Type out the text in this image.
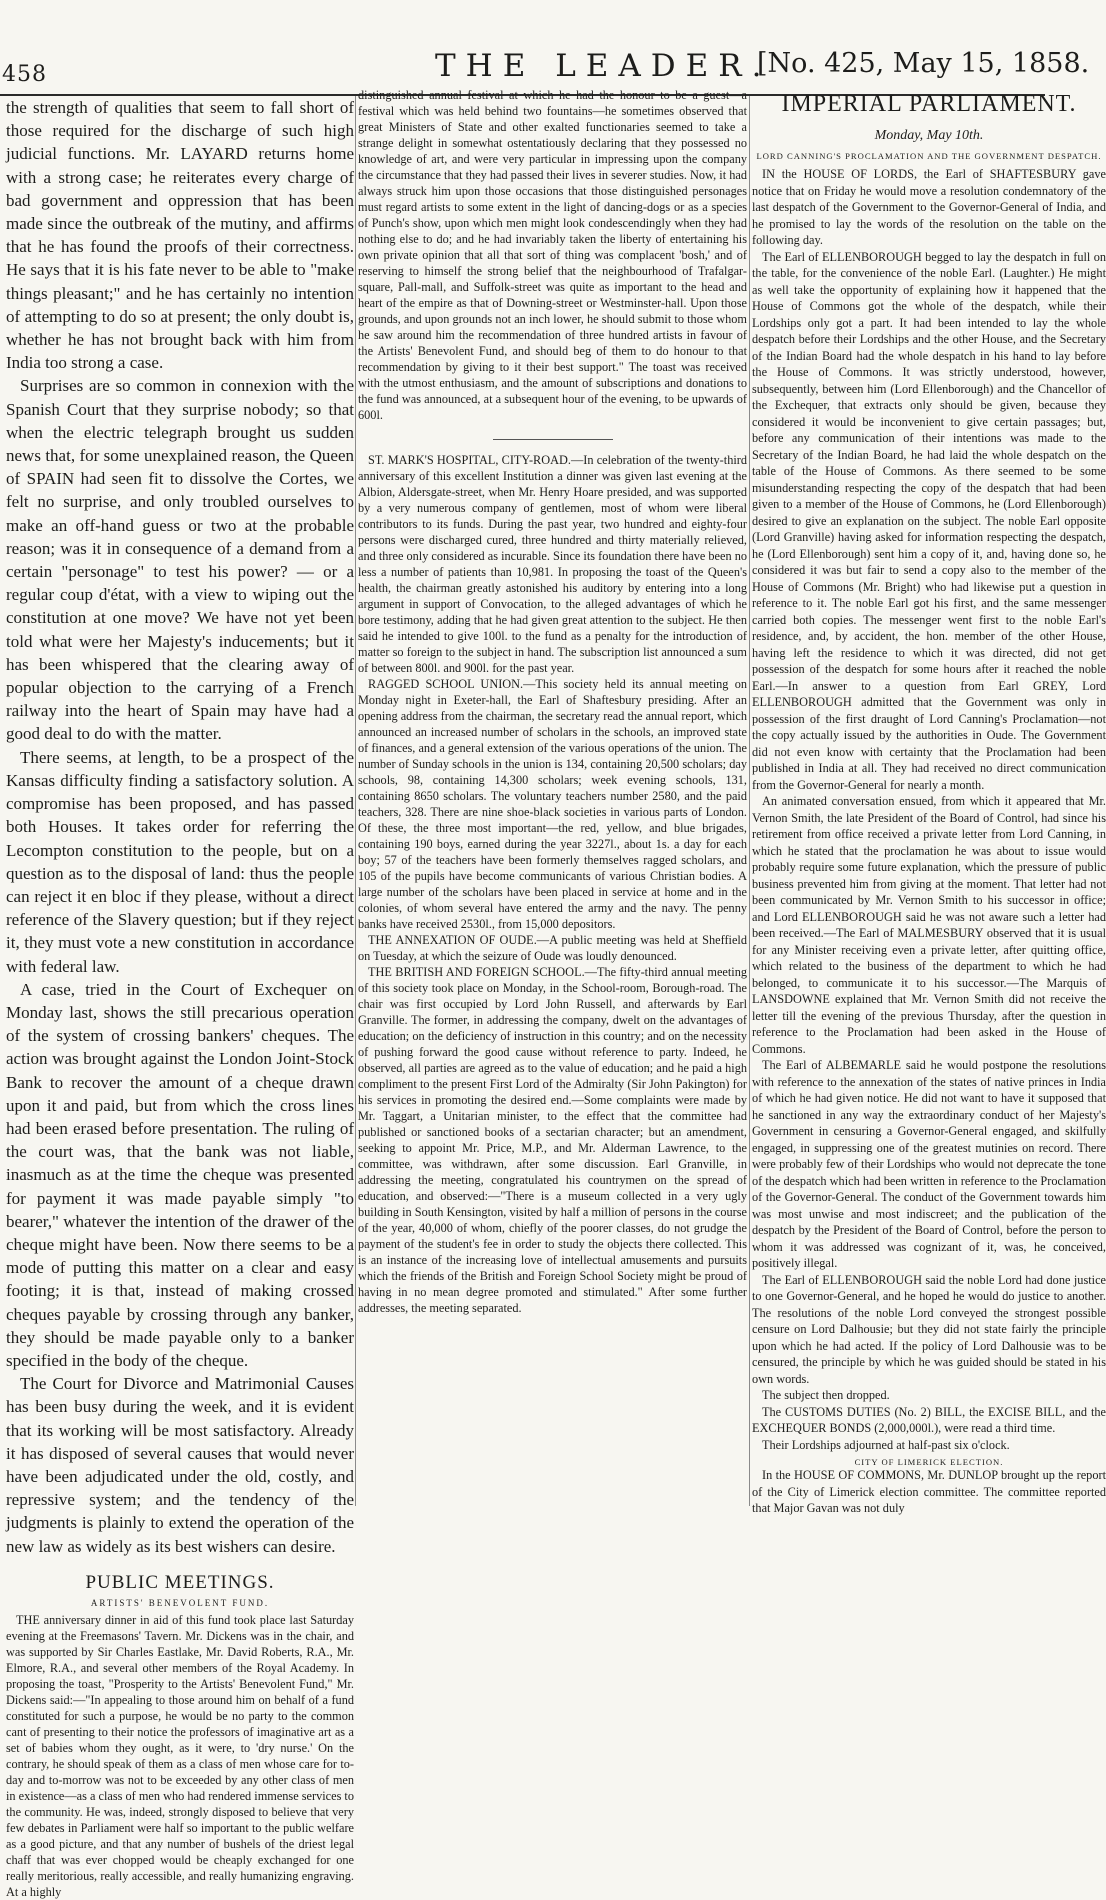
458	THE LEADER.
[No. 425, May 15, 1858.

the strength of qualities that seem to fall short of those required for the discharge of such high judicial functions. Mr. LAYARD returns home with a strong case; he reiterates every charge of bad government and oppression that has been made since the outbreak of the mutiny, and affirms that he has found the proofs of their correctness. He says that it is his fate never to be able to "make things pleasant;" and he has certainly no intention of attempting to do so at present; the only doubt is, whether he has not brought back with him from India too strong a case.

Surprises are so common in connexion with the Spanish Court that they surprise nobody; so that when the electric telegraph brought us sudden news that, for some unexplained reason, the Queen of SPAIN had seen fit to dissolve the Cortes, we felt no surprise, and only troubled ourselves to make an off-hand guess or two at the probable reason; was it in consequence of a demand from a certain "personage" to test his power? — or a regular coup d'état, with a view to wiping out the constitution at one move? We have not yet been told what were her Majesty's inducements; but it has been whispered that the clearing away of popular objection to the carrying of a French railway into the heart of Spain may have had a good deal to do with the matter.

There seems, at length, to be a prospect of the Kansas difficulty finding a satisfactory solution. A compromise has been proposed, and has passed both Houses. It takes order for referring the Lecompton constitution to the people, but on a question as to the disposal of land: thus the people can reject it en bloc if they please, without a direct reference of the Slavery question; but if they reject it, they must vote a new constitution in accordance with federal law.

A case, tried in the Court of Exchequer on Monday last, shows the still precarious operation of the system of crossing bankers' cheques. The action was brought against the London Joint-Stock Bank to recover the amount of a cheque drawn upon it and paid, but from which the cross lines had been erased before presentation. The ruling of the court was, that the bank was not liable, inasmuch as at the time the cheque was presented for payment it was made payable simply "to bearer," whatever the intention of the drawer of the cheque might have been. Now there seems to be a mode of putting this matter on a clear and easy footing; it is that, instead of making crossed cheques payable by crossing through any banker, they should be made payable only to a banker specified in the body of the cheque.

The Court for Divorce and Matrimonial Causes has been busy during the week, and it is evident that its working will be most satisfactory. Already it has disposed of several causes that would never have been adjudicated under the old, costly, and repressive system; and the tendency of the judgments is plainly to extend the operation of the new law as widely as its best wishers can desire.

PUBLIC MEETINGS.
ARTISTS' BENEVOLENT FUND.

THE anniversary dinner in aid of this fund took place last Saturday evening at the Freemasons' Tavern. Mr. Dickens was in the chair, and was supported by Sir Charles Eastlake, Mr. David Roberts, R.A., Mr. Elmore, R.A., and several other members of the Royal Academy. In proposing the toast, "Prosperity to the Artists' Benevolent Fund," Mr. Dickens said:—"In appealing to those around him on behalf of a fund constituted for such a purpose, he would be no party to the common cant of presenting to their notice the professors of imaginative art as a set of babies whom they ought, as it were, to 'dry nurse.' On the contrary, he should speak of them as a class of men whose care for to-day and to-morrow was not to be exceeded by any other class of men in existence—as a class of men who had rendered immense services to the community. He was, indeed, strongly disposed to believe that very few debates in Parliament were half so important to the public welfare as a good picture, and that any number of bushels of the driest legal chaff that was ever chopped would be cheaply exchanged for one really meritorious, really accessible, and really humanizing engraving. At a highly

distinguished annual festival at which he had the honour to be a guest—a festival which was held behind two fountains—he sometimes observed that great Ministers of State and other exalted functionaries seemed to take a strange delight in somewhat ostentatiously declaring that they possessed no knowledge of art, and were very particular in impressing upon the company the circumstance that they had passed their lives in severer studies. Now, it had always struck him upon those occasions that those distinguished personages must regard artists to some extent in the light of dancing-dogs or as a species of Punch's show, upon which men might look condescendingly when they had nothing else to do; and he had invariably taken the liberty of entertaining his own private opinion that all that sort of thing was complacent 'bosh,' and of reserving to himself the strong belief that the neighbourhood of Trafalgar-square, Pall-mall, and Suffolk-street was quite as important to the head and heart of the empire as that of Downing-street or Westminster-hall. Upon those grounds, and upon grounds not an inch lower, he should submit to those whom he saw around him the recommendation of three hundred artists in favour of the Artists' Benevolent Fund, and should beg of them to do honour to that recommendation by giving to it their best support." The toast was received with the utmost enthusiasm, and the amount of subscriptions and donations to the fund was announced, at a subsequent hour of the evening, to be upwards of 600l.

ST. MARK'S HOSPITAL, CITY-ROAD.—In celebration of the twenty-third anniversary of this excellent Institution a dinner was given last evening at the Albion, Aldersgate-street, when Mr. Henry Hoare presided, and was supported by a very numerous company of gentlemen, most of whom were liberal contributors to its funds. During the past year, two hundred and eighty-four persons were discharged cured, three hundred and thirty materially relieved, and three only considered as incurable. Since its foundation there have been no less a number of patients than 10,981. In proposing the toast of the Queen's health, the chairman greatly astonished his auditory by entering into a long argument in support of Convocation, to the alleged advantages of which he bore testimony, adding that he had given great attention to the subject. He then said he intended to give 100l. to the fund as a penalty for the introduction of matter so foreign to the subject in hand. The subscription list announced a sum of between 800l. and 900l. for the past year.

RAGGED SCHOOL UNION.—This society held its annual meeting on Monday night in Exeter-hall, the Earl of Shaftesbury presiding. After an opening address from the chairman, the secretary read the annual report, which announced an increased number of scholars in the schools, an improved state of finances, and a general extension of the various operations of the union. The number of Sunday schools in the union is 134, containing 20,500 scholars; day schools, 98, containing 14,300 scholars; week evening schools, 131, containing 8650 scholars. The voluntary teachers number 2580, and the paid teachers, 328. There are nine shoe-black societies in various parts of London. Of these, the three most important—the red, yellow, and blue brigades, containing 190 boys, earned during the year 3227l., about 1s. a day for each boy; 57 of the teachers have been formerly themselves ragged scholars, and 105 of the pupils have become communicants of various Christian bodies. A large number of the scholars have been placed in service at home and in the colonies, of whom several have entered the army and the navy. The penny banks have received 2530l., from 15,000 depositors.

THE ANNEXATION OF OUDE.—A public meeting was held at Sheffield on Tuesday, at which the seizure of Oude was loudly denounced.

THE BRITISH AND FOREIGN SCHOOL.—The fifty-third annual meeting of this society took place on Monday, in the School-room, Borough-road. The chair was first occupied by Lord John Russell, and afterwards by Earl Granville. The former, in addressing the company, dwelt on the advantages of education; on the deficiency of instruction in this country; and on the necessity of pushing forward the good cause without reference to party. Indeed, he observed, all parties are agreed as to the value of education; and he paid a high compliment to the present First Lord of the Admiralty (Sir John Pakington) for his services in promoting the desired end.—Some complaints were made by Mr. Taggart, a Unitarian minister, to the effect that the committee had published or sanctioned books of a sectarian character; but an amendment, seeking to appoint Mr. Price, M.P., and Mr. Alderman Lawrence, to the committee, was withdrawn, after some discussion. Earl Granville, in addressing the meeting, congratulated his countrymen on the spread of education, and observed:—"There is a museum collected in a very ugly building in South Kensington, visited by half a million of persons in the course of the year, 40,000 of whom, chiefly of the poorer classes, do not grudge the payment of the student's fee in order to study the objects there collected. This is an instance of the increasing love of intellectual amusements and pursuits which the friends of the British and Foreign School Society might be proud of having in no mean degree promoted and stimulated." After some further addresses, the meeting separated.

IMPERIAL PARLIAMENT.
Monday, May 10th.
LORD CANNING'S PROCLAMATION AND THE GOVERNMENT DESPATCH.

IN the HOUSE OF LORDS, the Earl of SHAFTESBURY gave notice that on Friday he would move a resolution condemnatory of the last despatch of the Government to the Governor-General of India, and he promised to lay the words of the resolution on the table on the following day.

The Earl of ELLENBOROUGH begged to lay the despatch in full on the table, for the convenience of the noble Earl. (Laughter.) He might as well take the opportunity of explaining how it happened that the House of Commons got the whole of the despatch, while their Lordships only got a part. It had been intended to lay the whole despatch before their Lordships and the other House, and the Secretary of the Indian Board had the whole despatch in his hand to lay before the House of Commons. It was strictly understood, however, subsequently, between him (Lord Ellenborough) and the Chancellor of the Exchequer, that extracts only should be given, because they considered it would be inconvenient to give certain passages; but, before any communication of their intentions was made to the Secretary of the Indian Board, he had laid the whole despatch on the table of the House of Commons. As there seemed to be some misunderstanding respecting the copy of the despatch that had been given to a member of the House of Commons, he (Lord Ellenborough) desired to give an explanation on the subject. The noble Earl opposite (Lord Granville) having asked for information respecting the despatch, he (Lord Ellenborough) sent him a copy of it, and, having done so, he considered it was but fair to send a copy also to the member of the House of Commons (Mr. Bright) who had likewise put a question in reference to it. The noble Earl got his first, and the same messenger carried both copies. The messenger went first to the noble Earl's residence, and, by accident, the hon. member of the other House, having left the residence to which it was directed, did not get possession of the despatch for some hours after it reached the noble Earl.—In answer to a question from Earl GREY, Lord ELLENBOROUGH admitted that the Government was only in possession of the first draught of Lord Canning's Proclamation—not the copy actually issued by the authorities in Oude. The Government did not even know with certainty that the Proclamation had been published in India at all. They had received no direct communication from the Governor-General for nearly a month.

An animated conversation ensued, from which it appeared that Mr. Vernon Smith, the late President of the Board of Control, had since his retirement from office received a private letter from Lord Canning, in which he stated that the proclamation he was about to issue would probably require some future explanation, which the pressure of public business prevented him from giving at the moment. That letter had not been communicated by Mr. Vernon Smith to his successor in office; and Lord ELLENBOROUGH said he was not aware such a letter had been received.—The Earl of MALMESBURY observed that it is usual for any Minister receiving even a private letter, after quitting office, which related to the business of the department to which he had belonged, to communicate it to his successor.—The Marquis of LANSDOWNE explained that Mr. Vernon Smith did not receive the letter till the evening of the previous Thursday, after the question in reference to the Proclamation had been asked in the House of Commons.

The Earl of ALBEMARLE said he would postpone the resolutions with reference to the annexation of the states of native princes in India of which he had given notice. He did not want to have it supposed that he sanctioned in any way the extraordinary conduct of her Majesty's Government in censuring a Governor-General engaged, and skilfully engaged, in suppressing one of the greatest mutinies on record. There were probably few of their Lordships who would not deprecate the tone of the despatch which had been written in reference to the Proclamation of the Governor-General. The conduct of the Government towards him was most unwise and most indiscreet; and the publication of the despatch by the President of the Board of Control, before the person to whom it was addressed was cognizant of it, was, he conceived, positively illegal.

The Earl of ELLENBOROUGH said the noble Lord had done justice to one Governor-General, and he hoped he would do justice to another. The resolutions of the noble Lord conveyed the strongest possible censure on Lord Dalhousie; but they did not state fairly the principle upon which he had acted. If the policy of Lord Dalhousie was to be censured, the principle by which he was guided should be stated in his own words.

The subject then dropped.

The CUSTOMS DUTIES (No. 2) BILL, the EXCISE BILL, and the EXCHEQUER BONDS (2,000,000l.), were read a third time.

Their Lordships adjourned at half-past six o'clock.

CITY OF LIMERICK ELECTION.

In the HOUSE OF COMMONS, Mr. DUNLOP brought up the report of the City of Limerick election committee. The committee reported that Major Gavan was not duly
